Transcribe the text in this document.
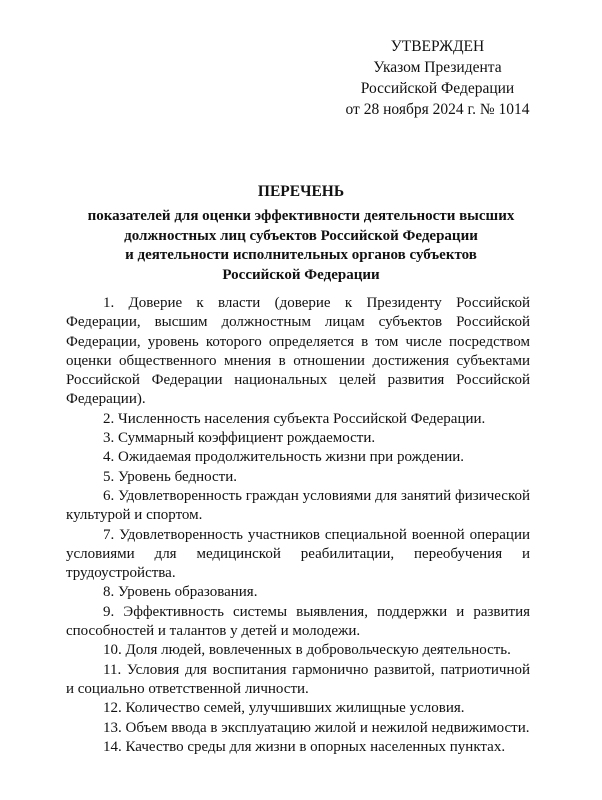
УТВЕРЖДЕН
Указом Президента
Российской Федерации
от 28 ноября 2024 г. № 1014
ПЕРЕЧЕНЬ
показателей для оценки эффективности деятельности высших
должностных лиц субъектов Российской Федерации
и деятельности исполнительных органов субъектов
Российской Федерации

1. Доверие к власти (доверие к Президенту Российской Федерации, высшим должностным лицам субъектов Российской Федерации, уровень которого определяется в том числе посредством оценки общественного мнения в отношении достижения субъектами Российской Федерации национальных целей развития Российской Федерации).

2. Численность населения субъекта Российской Федерации.

3. Суммарный коэффициент рождаемости.

4. Ожидаемая продолжительность жизни при рождении.

5. Уровень бедности.

6. Удовлетворенность граждан условиями для занятий физической культурой и спортом.

7. Удовлетворенность участников специальной военной операции условиями для медицинской реабилитации, переобучения и трудоустройства.

8. Уровень образования.

9. Эффективность системы выявления, поддержки и развития способностей и талантов у детей и молодежи.

10. Доля людей, вовлеченных в добровольческую деятельность.

11. Условия для воспитания гармонично развитой, патриотичной и социально ответственной личности.

12. Количество семей, улучшивших жилищные условия.

13. Объем ввода в эксплуатацию жилой и нежилой недвижимости.

14. Качество среды для жизни в опорных населенных пунктах.
